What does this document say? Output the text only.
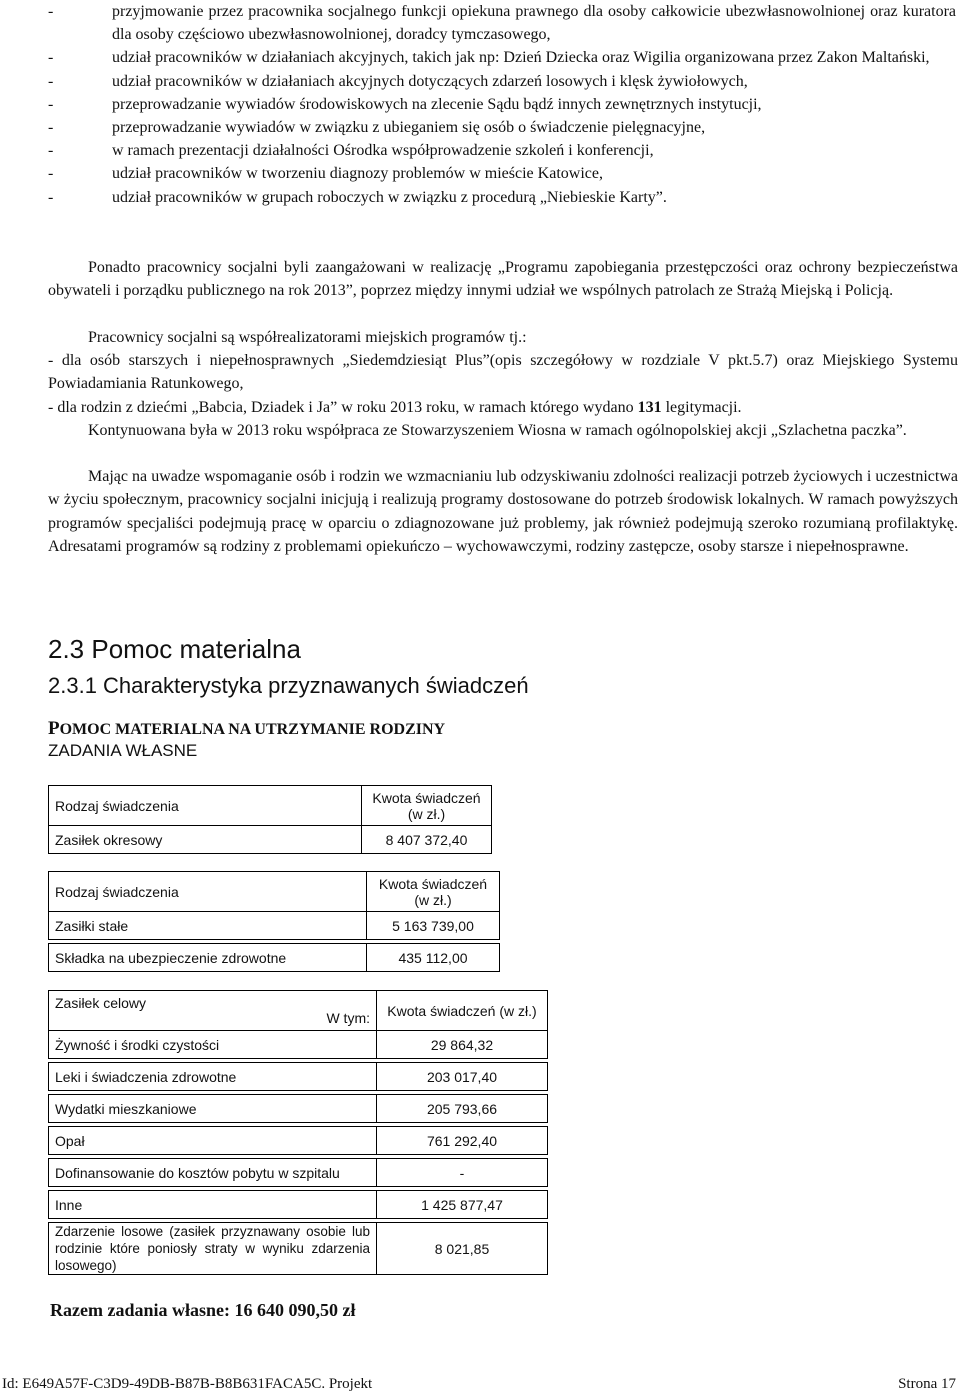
-	przyjmowanie przez pracownika socjalnego funkcji opiekuna prawnego dla osoby całkowicie ubezwłasnowolnionej oraz kuratora dla osoby częściowo ubezwłasnowolnionej, doradcy tymczasowego,
-	udział pracowników w działaniach akcyjnych, takich jak np: Dzień Dziecka oraz Wigilia organizowana przez Zakon Maltański,
-	udział pracowników w działaniach akcyjnych dotyczących zdarzeń losowych i klęsk żywiołowych,
-	przeprowadzanie wywiadów środowiskowych na zlecenie Sądu bądź innych zewnętrznych instytucji,
-	przeprowadzanie wywiadów w związku z ubieganiem się osób o świadczenie pielęgnacyjne,
-	w ramach prezentacji działalności Ośrodka współprowadzenie szkoleń i konferencji,
-	udział pracowników w tworzeniu diagnozy problemów w mieście Katowice,
-	udział pracowników w grupach roboczych w związku z procedurą „Niebieskie Karty”.
Ponadto pracownicy socjalni byli zaangażowani w realizację „Programu zapobiegania przestępczości oraz ochrony bezpieczeństwa obywateli i porządku publicznego na rok 2013”, poprzez między innymi udział we wspólnych patrolach ze Strażą Miejską i Policją.
Pracownicy socjalni są współrealizatorami miejskich programów tj.:
- dla osób starszych i niepełnosprawnych „Siedemdziesiąt Plus”(opis szczegółowy w rozdziale V pkt.5.7) oraz Miejskiego Systemu Powiadamiania Ratunkowego,
- dla rodzin z dziećmi „Babcia, Dziadek i Ja” w roku 2013 roku, w ramach którego wydano 131 legitymacji.
Kontynuowana była w 2013 roku współpraca ze Stowarzyszeniem Wiosna w ramach ogólnopolskiej akcji „Szlachetna paczka”.
Mając na uwadze wspomaganie osób i rodzin we wzmacnianiu lub odzyskiwaniu zdolności realizacji potrzeb życiowych i uczestnictwa w życiu społecznym, pracownicy socjalni inicjują i realizują programy dostosowane do potrzeb środowisk lokalnych. W ramach powyższych programów specjaliści podejmują pracę w oparciu o zdiagnozowane już problemy, jak również podejmują szeroko rozumianą profilaktykę. Adresatami programów są rodziny z problemami opiekuńczo – wychowawczymi, rodziny zastępcze, osoby starsze i niepełnosprawne.
2.3 Pomoc materialna
2.3.1 Charakterystyka przyznawanych świadczeń
POMOC MATERIALNA NA UTRZYMANIE RODZINY
ZADANIA WŁASNE
Rodzaj świadczenia	Kwota świadczeń (w zł.)
Zasiłek okresowy	8 407 372,40
Rodzaj świadczenia	Kwota świadczeń (w zł.)
Zasiłki stałe	5 163 739,00

Składka na ubezpieczenie zdrowotne	435 112,00
Zasiłek celowy
W tym:	Kwota świadczeń (w zł.)
Żywność i środki czystości	29 864,32

Leki i świadczenia zdrowotne	203 017,40

Wydatki mieszkaniowe	205 793,66

Opał	761 292,40

Dofinansowanie do kosztów pobytu w szpitalu	-

Inne	1 425 877,47

Zdarzenie losowe (zasiłek przyznawany osobie lub rodzinie które poniosły straty w wyniku zdarzenia losowego)	8 021,85
Razem zadania własne: 16 640 090,50 zł
Id: E649A57F-C3D9-49DB-B87B-B8B631FACA5C. Projekt	Strona 17
